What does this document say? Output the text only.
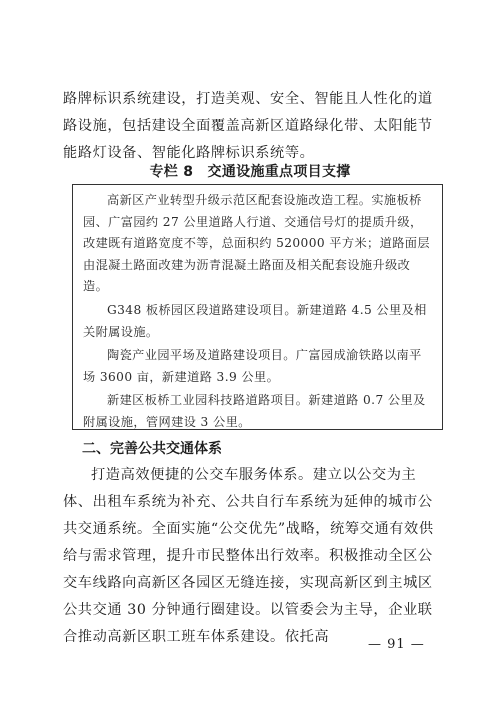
路牌标识系统建设，打造美观、安全、智能且人性化的道路设施，包括建设全面覆盖高新区道路绿化带、太阳能节能路灯设备、智能化路牌标识系统等。

专栏 8　交通设施重点项目支撑

高新区产业转型升级示范区配套设施改造工程。实施板桥园、广富园约 27 公里道路人行道、交通信号灯的提质升级，改建既有道路宽度不等，总面积约 520000 平方米；道路面层由混凝土路面改建为沥青混凝土路面及相关配套设施升级改造。

G348 板桥园区段道路建设项目。新建道路 4.5 公里及相关附属设施。

陶瓷产业园平场及道路建设项目。广富园成渝铁路以南平场 3600 亩，新建道路 3.9 公里。

新建区板桥工业园科技路道路项目。新建道路 0.7 公里及附属设施，管网建设 3 公里。

二、完善公共交通体系

打造高效便捷的公交车服务体系。建立以公交为主体、出租车系统为补充、公共自行车系统为延伸的城市公共交通系统。全面实施“公交优先”战略，统筹交通有效供给与需求管理，提升市民整体出行效率。积极推动全区公交车线路向高新区各园区无缝连接，实现高新区到主城区公共交通 30 分钟通行圈建设。以管委会为主导，企业联合推动高新区职工班车体系建设。依托高	— 91 —
